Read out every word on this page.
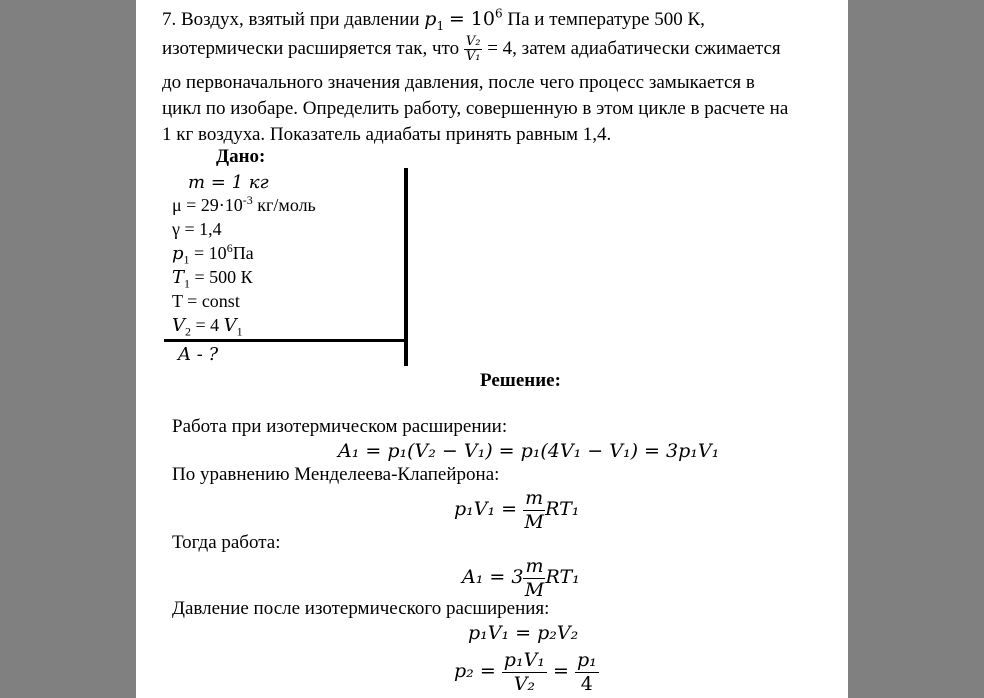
7. Воздух, взятый при давлении $p_1 = 10^6$ Па и температуре 500 К,
изотермически расширяется так, что $\frac{\text{V₂}}{\text{V₁}} = 4$, затем адиабатически сжимается
до первоначального значения давления, после чего процесс замыкается в
цикл по изобаре. Определить работу, совершенную в этом цикле в расчете на
1 кг воздуха. Показатель адиабаты принять равным 1,4.
Дано:
m = 1 кг
$\mu = 29\cdot 10^{-3}$ кг/моль
γ = 1,4
$p_1 = 10^6Па$
$T_1 = 500$ К
T = const
$V_2 = 4$ $V_1$
A - ?
Решение:
Работа при изотермическом расширении:
A₁ = p₁(V₂ − V₁) = p₁(4V₁ − V₁) = 3p₁V₁
По уравнению Менделеева-Клапейрона:
$p_1V_1 = \frac{m}{M} RT_1$
Тогда работа:
$A_1 = 3 \frac{m}{M} RT_1$
Давление после изотермического расширения:
p₁V₁ = p₂V₂
$p_2 = \frac{\text{p₁V₁}}{\text{V₂}} = \frac{\text{p₁}}{4}$
